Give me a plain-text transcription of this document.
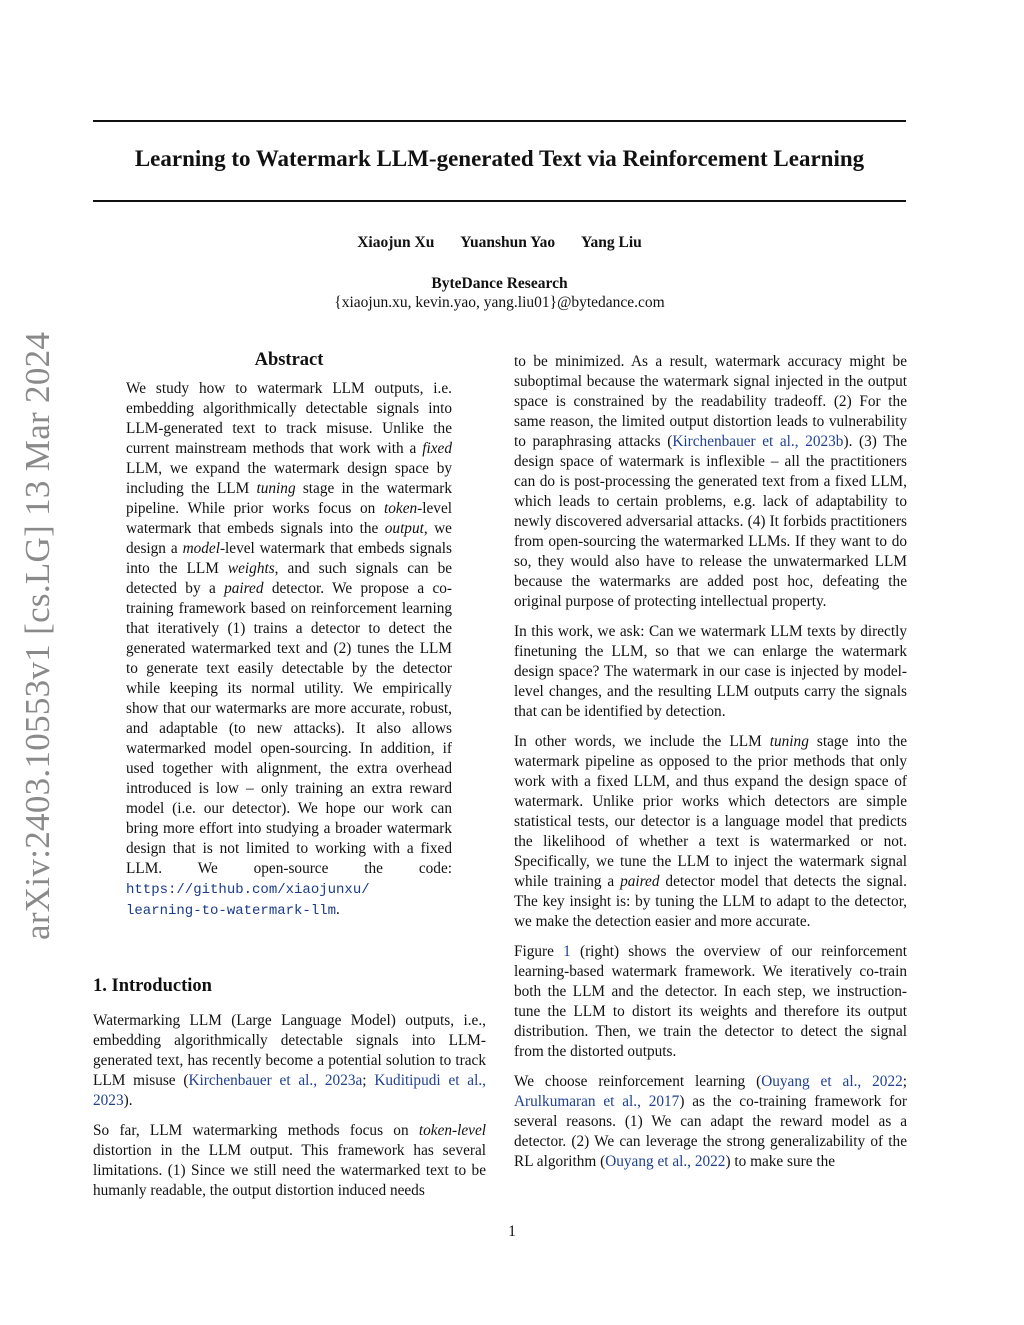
Learning to Watermark LLM-generated Text via Reinforcement Learning
Xiaojun Xu Yuanshun Yao Yang Liu
ByteDance Research
{xiaojun.xu, kevin.yao, yang.liu01}@bytedance.com
arXiv:2403.10553v1 [cs.LG] 13 Mar 2024	Abstract
We study how to watermark LLM outputs, i.e. embedding algorithmically detectable signals into LLM-generated text to track misuse. Unlike the current mainstream methods that work with a fixed LLM, we expand the watermark design space by including the LLM tuning stage in the watermark pipeline. While prior works focus on token-level watermark that embeds signals into the output, we design a model-level watermark that embeds signals into the LLM weights, and such signals can be detected by a paired detector. We propose a co-training framework based on reinforcement learning that iteratively (1) trains a detector to detect the generated watermarked text and (2) tunes the LLM to generate text easily detectable by the detector while keeping its normal utility. We empirically show that our watermarks are more accurate, robust, and adaptable (to new attacks). It also allows watermarked model open-sourcing. In addition, if used together with alignment, the extra overhead introduced is low – only training an extra reward model (i.e. our detector). We hope our work can bring more effort into studying a broader watermark design that is not limited to working with a fixed LLM. We open-source the code: https://github.com/xiaojunxu/ learning-to-watermark-llm.
1. Introduction

Watermarking LLM (Large Language Model) outputs, i.e., embedding algorithmically detectable signals into LLM-generated text, has recently become a potential solution to track LLM misuse (Kirchenbauer et al., 2023a; Kuditipudi et al., 2023).

So far, LLM watermarking methods focus on token-level distortion in the LLM output. This framework has several limitations. (1) Since we still need the watermarked text to be humanly readable, the output distortion induced needs

to be minimized. As a result, watermark accuracy might be suboptimal because the watermark signal injected in the output space is constrained by the readability tradeoff. (2) For the same reason, the limited output distortion leads to vulnerability to paraphrasing attacks (Kirchenbauer et al., 2023b). (3) The design space of watermark is inflexible – all the practitioners can do is post-processing the generated text from a fixed LLM, which leads to certain problems, e.g. lack of adaptability to newly discovered adversarial attacks. (4) It forbids practitioners from open-sourcing the watermarked LLMs. If they want to do so, they would also have to release the unwatermarked LLM because the watermarks are added post hoc, defeating the original purpose of protecting intellectual property.

In this work, we ask: Can we watermark LLM texts by directly finetuning the LLM, so that we can enlarge the watermark design space? The watermark in our case is injected by model-level changes, and the resulting LLM outputs carry the signals that can be identified by detection.

In other words, we include the LLM tuning stage into the watermark pipeline as opposed to the prior methods that only work with a fixed LLM, and thus expand the design space of watermark. Unlike prior works which detectors are simple statistical tests, our detector is a language model that predicts the likelihood of whether a text is watermarked or not. Specifically, we tune the LLM to inject the watermark signal while training a paired detector model that detects the signal. The key insight is: by tuning the LLM to adapt to the detector, we make the detection easier and more accurate.

Figure 1 (right) shows the overview of our reinforcement learning-based watermark framework. We iteratively co-train both the LLM and the detector. In each step, we instruction-tune the LLM to distort its weights and therefore its output distribution. Then, we train the detector to detect the signal from the distorted outputs.

We choose reinforcement learning (Ouyang et al., 2022; Arulkumaran et al., 2017) as the co-training framework for several reasons. (1) We can adapt the reward model as a detector. (2) We can leverage the strong generalizability of the RL algorithm (Ouyang et al., 2022) to make sure the

1
